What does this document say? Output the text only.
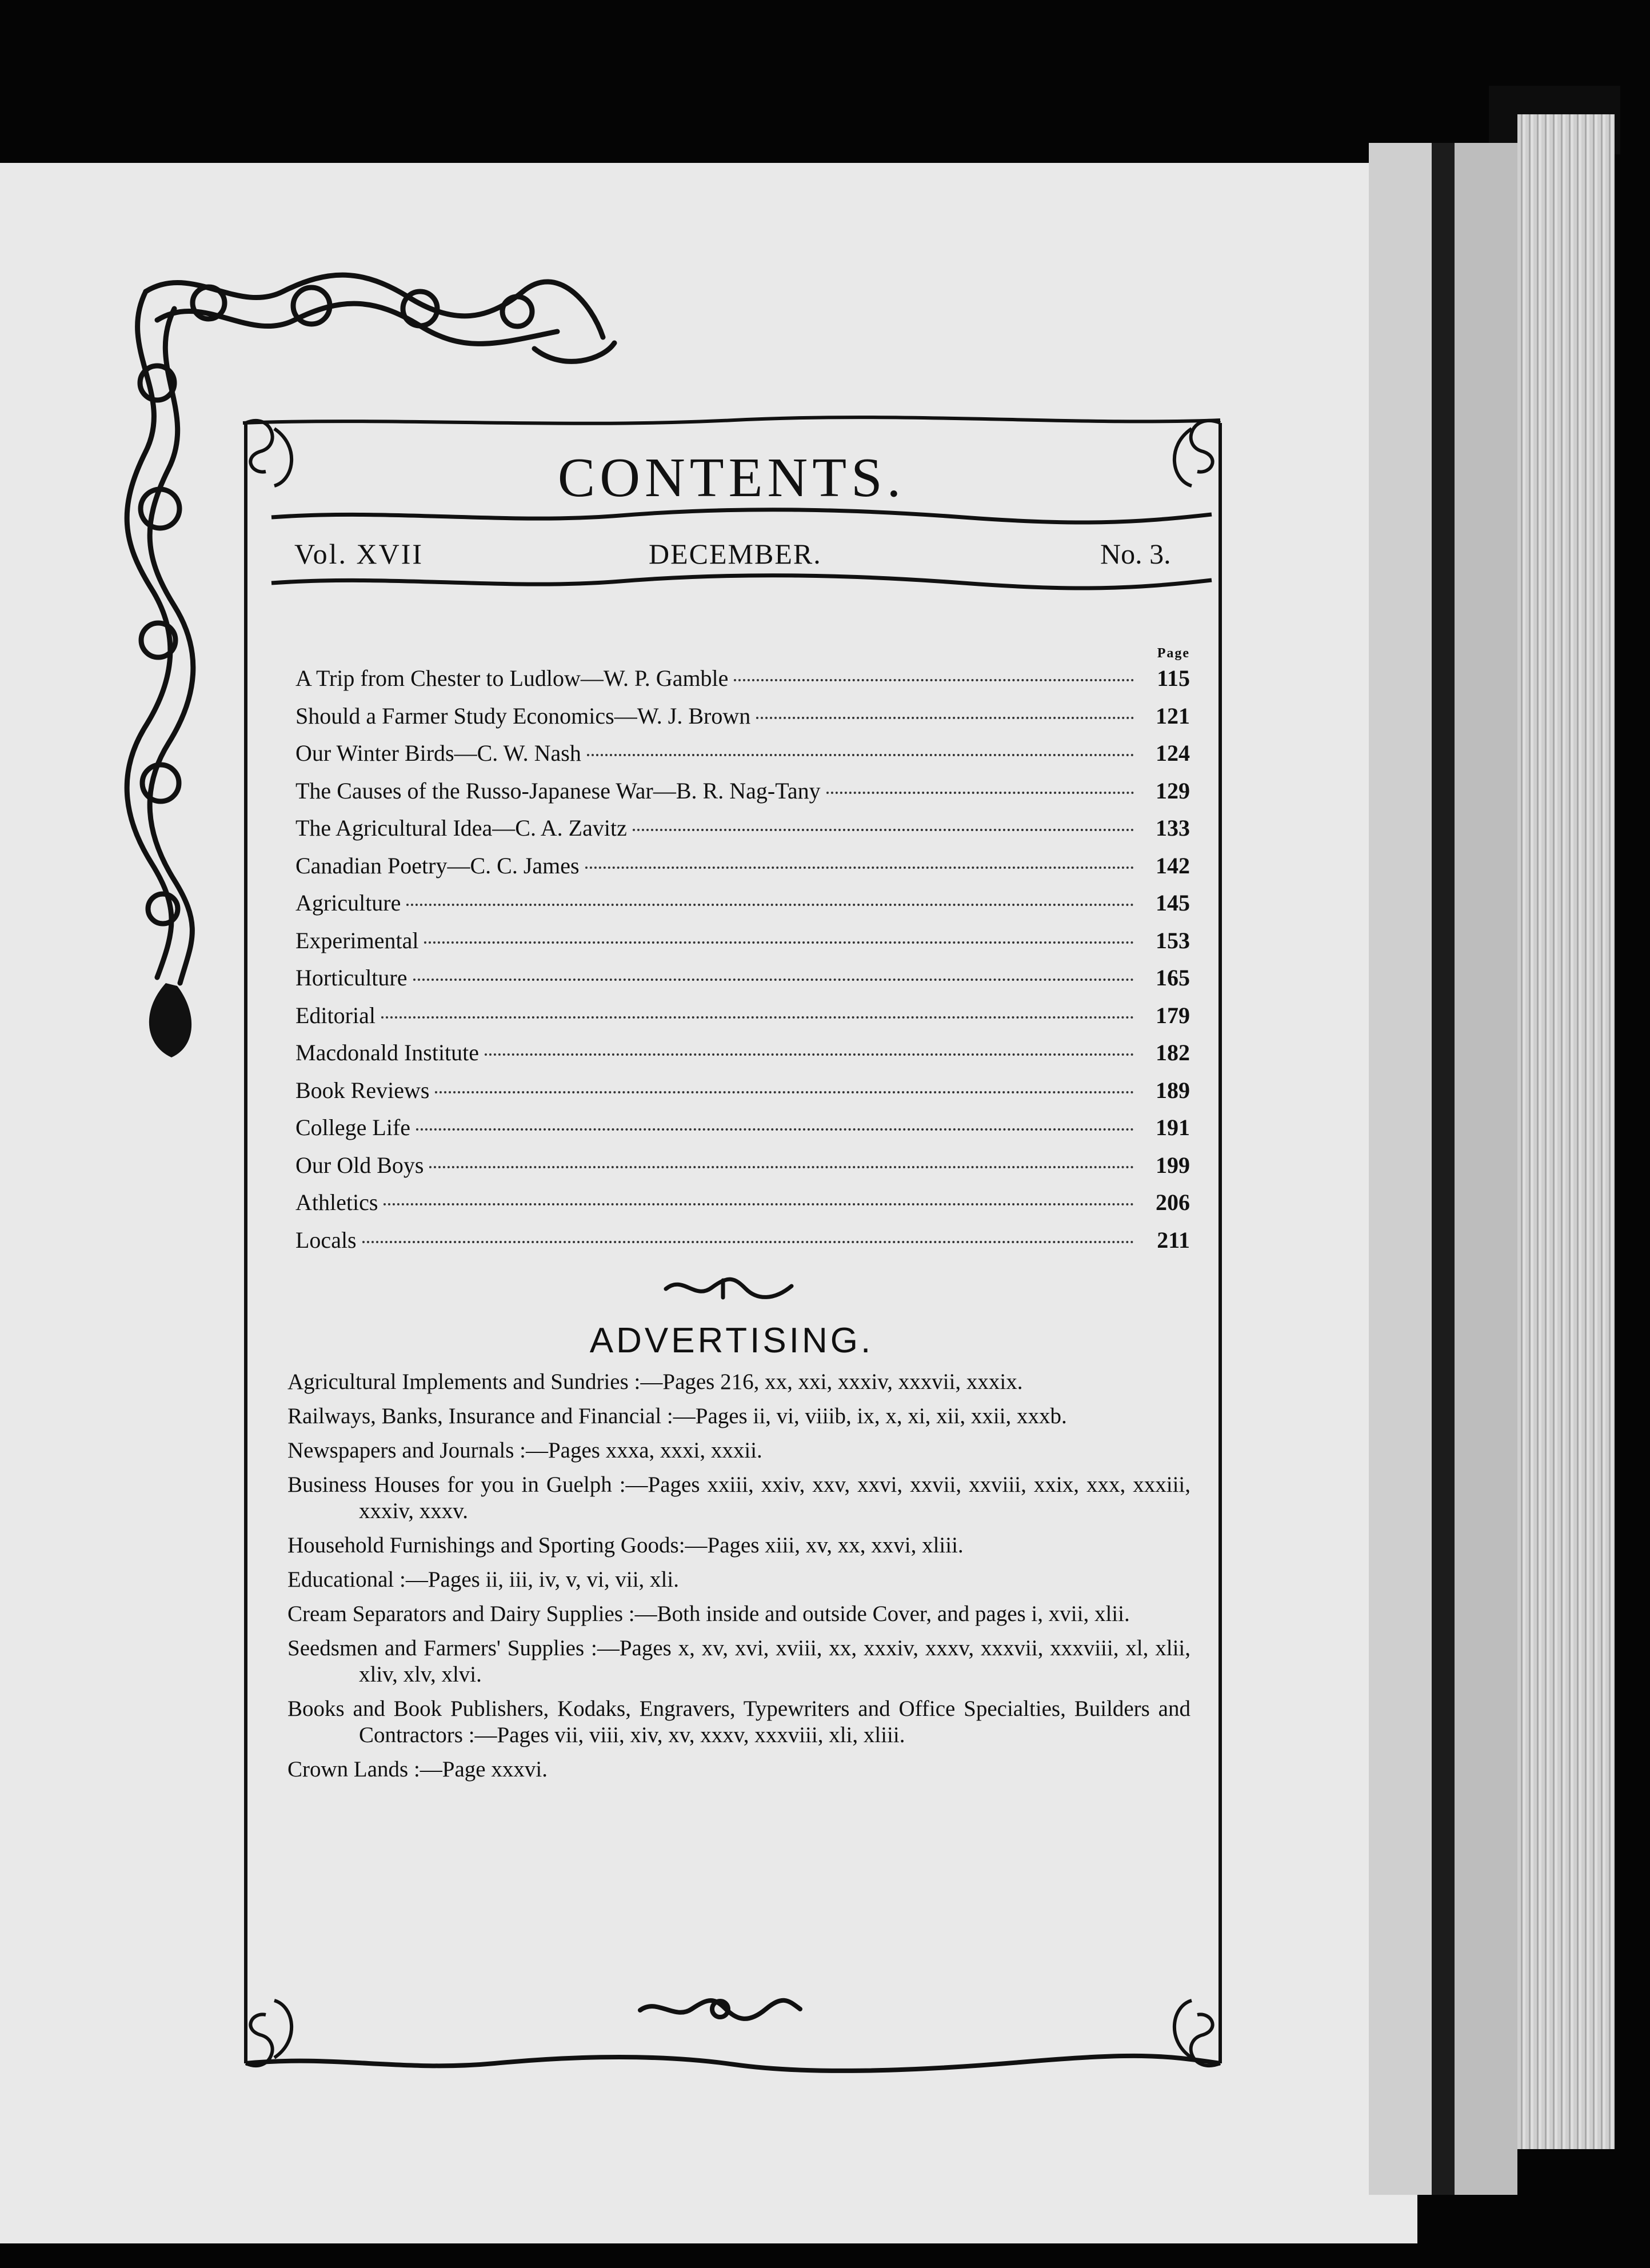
CONTENTS.
Vol. XVII	DECEMBER.	No. 3.
Page
A Trip from Chester to Ludlow—W. P. Gamble	115
Should a Farmer Study Economics—W. J. Brown	121
Our Winter Birds—C. W. Nash	124
The Causes of the Russo-Japanese War—B. R. Nag-Tany	129
The Agricultural Idea—C. A. Zavitz	133
Canadian Poetry—C. C. James	142
Agriculture	145
Experimental	153
Horticulture	165
Editorial	179
Macdonald Institute	182
Book Reviews	189
College Life	191
Our Old Boys	199
Athletics	206
Locals	211
ADVERTISING.
Agricultural Implements and Sundries :—Pages 216, xx, xxi, xxxiv, xxxvii, xxxix.
Railways, Banks, Insurance and Financial :—Pages ii, vi, viiib, ix, x, xi, xii, xxii, xxxb.
Newspapers and Journals :—Pages xxxa, xxxi, xxxii.
Business Houses for you in Guelph :—Pages xxiii, xxiv, xxv, xxvi, xxvii, xxviii, xxix, xxx, xxxiii, xxxiv, xxxv.
Household Furnishings and Sporting Goods:—Pages xiii, xv, xx, xxvi, xliii.
Educational :—Pages ii, iii, iv, v, vi, vii, xli.
Cream Separators and Dairy Supplies :—Both inside and outside Cover, and pages i, xvii, xlii.
Seedsmen and Farmers' Supplies :—Pages x, xv, xvi, xviii, xx, xxxiv, xxxv, xxxvii, xxxviii, xl, xlii, xliv, xlv, xlvi.
Books and Book Publishers, Kodaks, Engravers, Typewriters and Office Specialties, Builders and Contractors :—Pages vii, viii, xiv, xv, xxxv, xxxviii, xli, xliii.
Crown Lands :—Page xxxvi.
